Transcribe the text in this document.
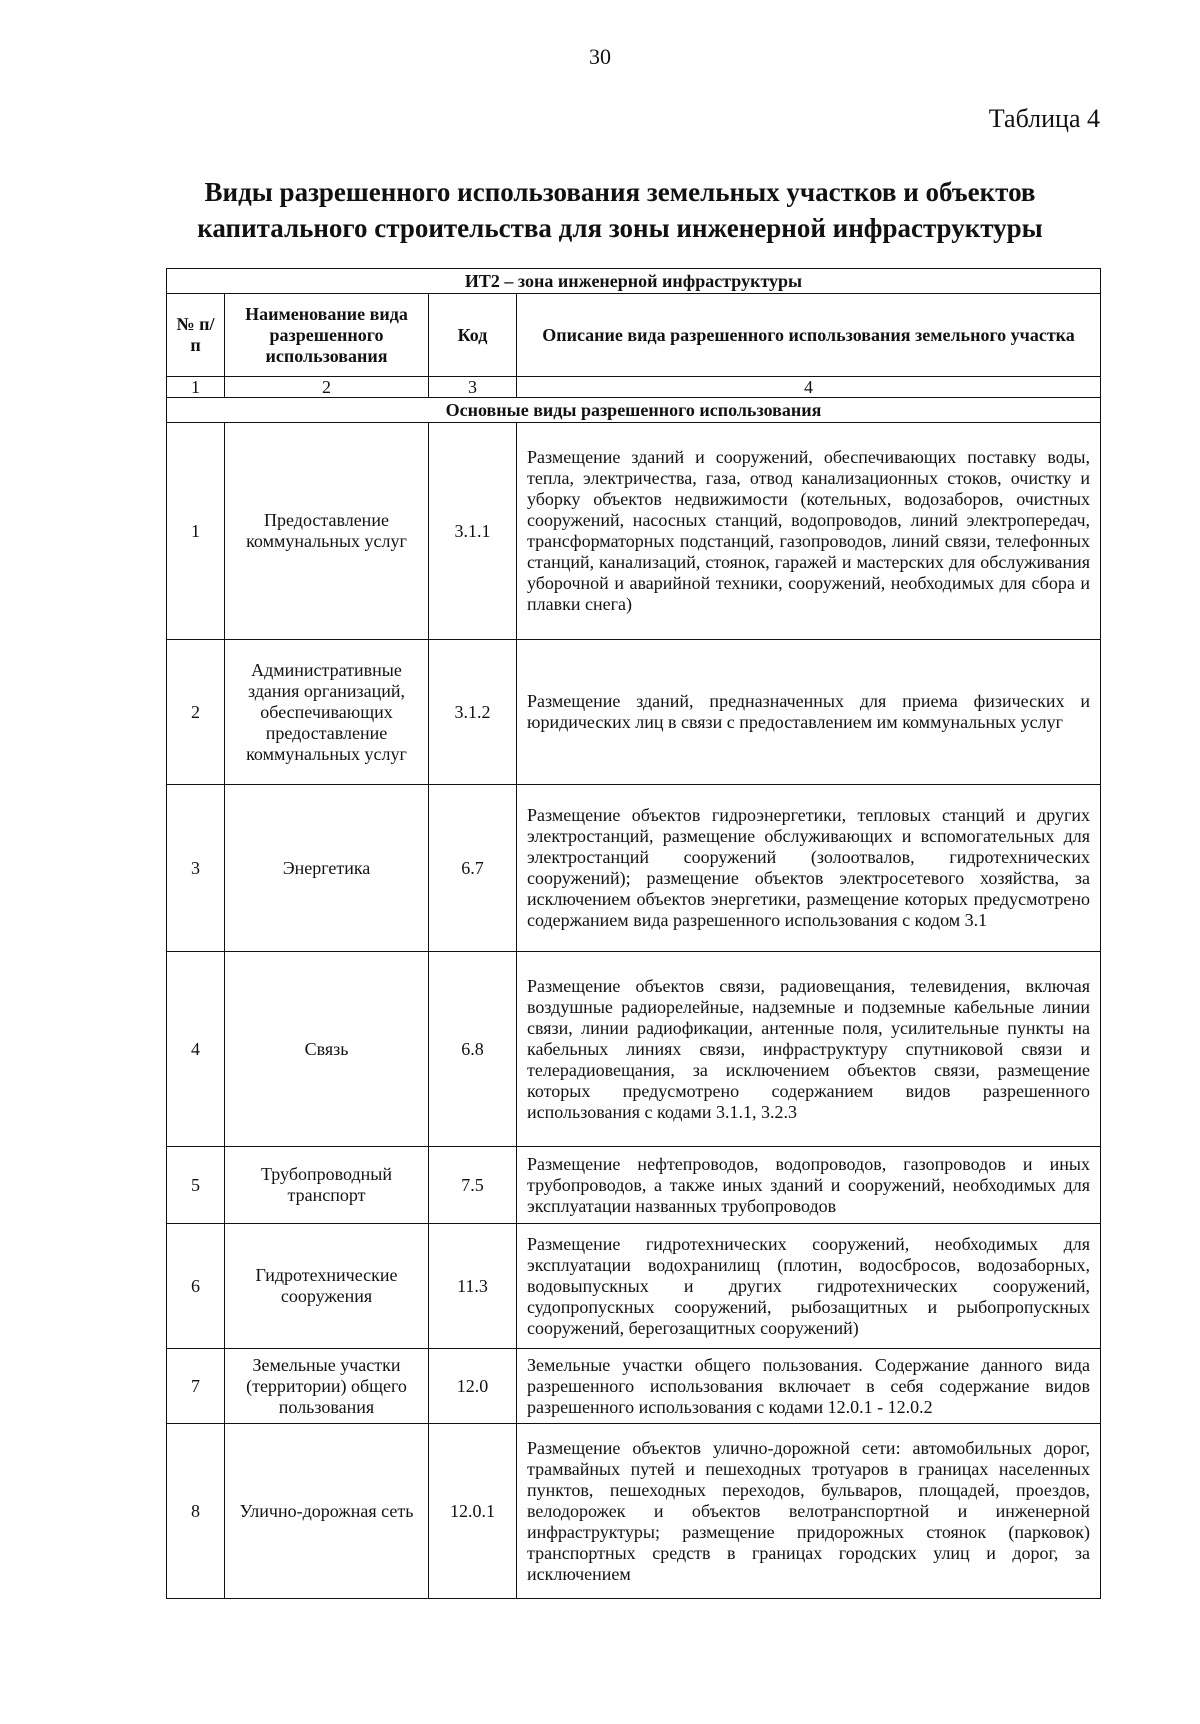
30
Таблица 4
Виды разрешенного использования земельных участков и объектов капитального строительства для зоны инженерной инфраструктуры
ИТ2 – зона инженерной инфраструктуры			
№ п/п	Наименование вида разрешенного использования	Код	Описание вида разрешенного использования земельного участка
1	2	3	4
Основные виды разрешенного использования			
1	Предоставление коммунальных услуг	3.1.1	Размещение зданий и сооружений, обеспечивающих поставку воды, тепла, электричества, газа, отвод канализационных стоков, очистку и уборку объектов недвижимости (котельных, водозаборов, очистных сооружений, насосных станций, водопроводов, линий электропередач, трансформаторных подстанций, газопроводов, линий связи, телефонных станций, канализаций, стоянок, гаражей и мастерских для обслуживания уборочной и аварийной техники, сооружений, необходимых для сбора и плавки снега)
2	Административные здания организаций, обеспечивающих предоставление коммунальных услуг	3.1.2	Размещение зданий, предназначенных для приема физических и юридических лиц в связи с предоставлением им коммунальных услуг
3	Энергетика	6.7	Размещение объектов гидроэнергетики, тепловых станций и других электростанций, размещение обслуживающих и вспомогательных для электростанций сооружений (золоотвалов, гидротехнических сооружений); размещение объектов электросетевого хозяйства, за исключением объектов энергетики, размещение которых предусмотрено содержанием вида разрешенного использования с кодом 3.1
4	Связь	6.8	Размещение объектов связи, радиовещания, телевидения, включая воздушные радиорелейные, надземные и подземные кабельные линии связи, линии радиофикации, антенные поля, усилительные пункты на кабельных линиях связи, инфраструктуру спутниковой связи и телерадиовещания, за исключением объектов связи, размещение которых предусмотрено содержанием видов разрешенного использования с кодами 3.1.1, 3.2.3
5	Трубопроводный транспорт	7.5	Размещение нефтепроводов, водопроводов, газопроводов и иных трубопроводов, а также иных зданий и сооружений, необходимых для эксплуатации названных трубопроводов
6	Гидротехнические сооружения	11.3	Размещение гидротехнических сооружений, необходимых для эксплуатации водохранилищ (плотин, водосбросов, водозаборных, водовыпускных и других гидротехнических сооружений, судопропускных сооружений, рыбозащитных и рыбопропускных сооружений, берегозащитных сооружений)
7	Земельные участки (территории) общего пользования	12.0	Земельные участки общего пользования. Содержание данного вида разрешенного использования включает в себя содержание видов разрешенного использования с кодами 12.0.1 - 12.0.2
8	Улично-дорожная сеть	12.0.1	Размещение объектов улично-дорожной сети: автомобильных дорог, трамвайных путей и пешеходных тротуаров в границах населенных пунктов, пешеходных переходов, бульваров, площадей, проездов, велодорожек и объектов велотранспортной и инженерной инфраструктуры; размещение придорожных стоянок (парковок) транспортных средств в границах городских улиц и дорог, за исключением
